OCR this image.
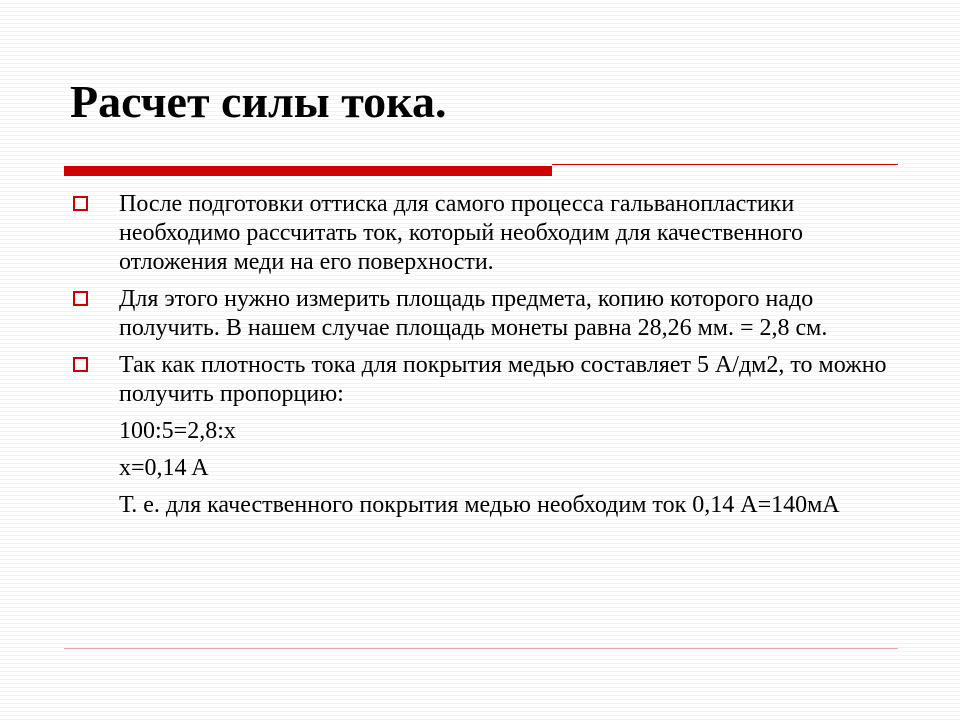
Расчет силы тока.
После подготовки оттиска для самого процесса гальванопластики необходимо рассчитать ток, который необходим для качественного отложения меди на его поверхности.
Для этого нужно измерить площадь предмета, копию которого надо получить. В нашем случае площадь монеты равна 28,26 мм. = 2,8 см.
Так как плотность тока для покрытия медью составляет 5 А/дм2, то можно получить пропорцию:
100:5=2,8:x
x=0,14 A
Т. е. для качественного покрытия медью необходим ток 0,14 А=140мА
